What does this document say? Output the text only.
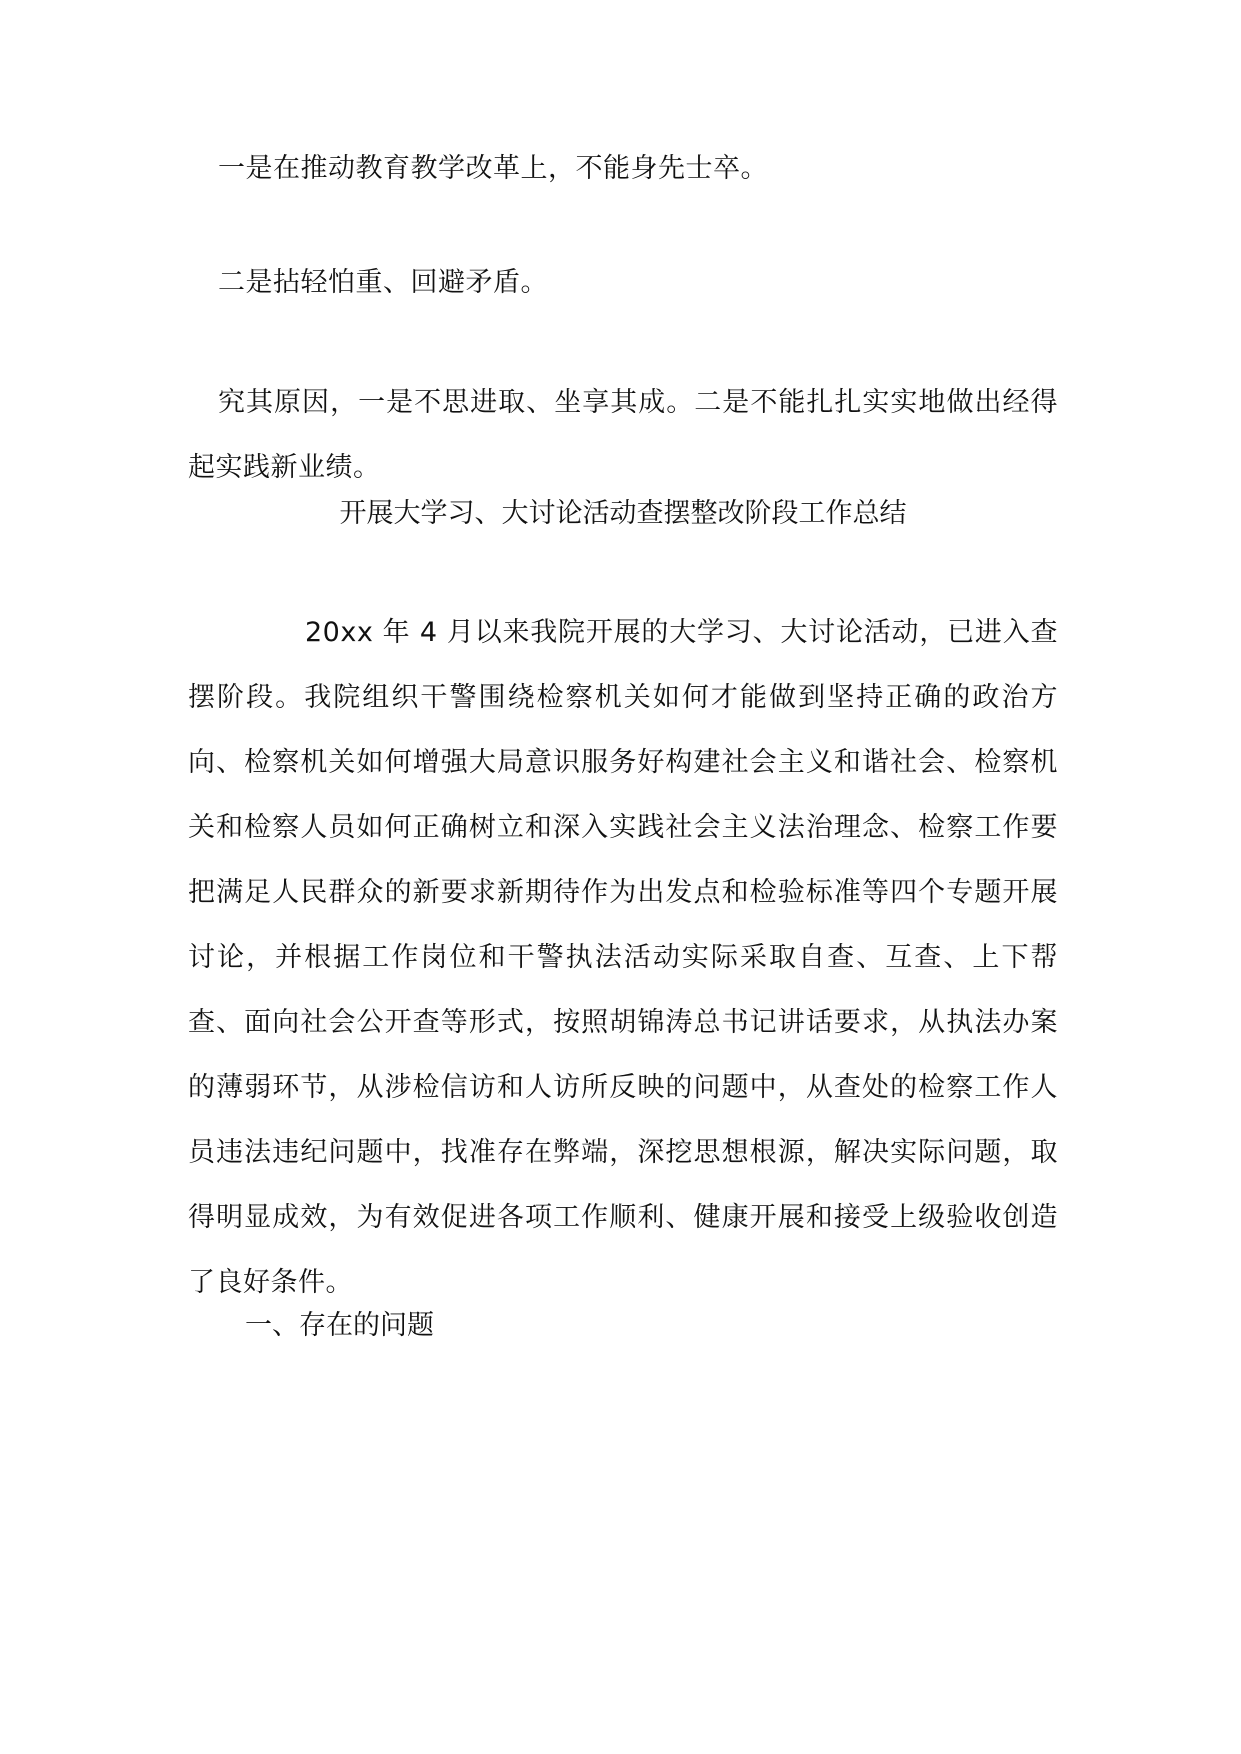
一是在推动教育教学改革上，不能身先士卒。

二是拈轻怕重、回避矛盾。

究其原因，一是不思进取、坐享其成。二是不能扎扎实实地做出经得起实践新业绩。

开展大学习、大讨论活动查摆整改阶段工作总结

20xx 年 4 月以来我院开展的大学习、大讨论活动，已进入查摆阶段。我院组织干警围绕检察机关如何才能做到坚持正确的政治方向、检察机关如何增强大局意识服务好构建社会主义和谐社会、检察机关和检察人员如何正确树立和深入实践社会主义法治理念、检察工作要把满足人民群众的新要求新期待作为出发点和检验标准等四个专题开展讨论，并根据工作岗位和干警执法活动实际采取自查、互查、上下帮查、面向社会公开查等形式，按照胡锦涛总书记讲话要求，从执法办案的薄弱环节，从涉检信访和人访所反映的问题中，从查处的检察工作人员违法违纪问题中，找准存在弊端，深挖思想根源，解决实际问题，取得明显成效，为有效促进各项工作顺利、健康开展和接受上级验收创造了良好条件。

一、存在的问题
